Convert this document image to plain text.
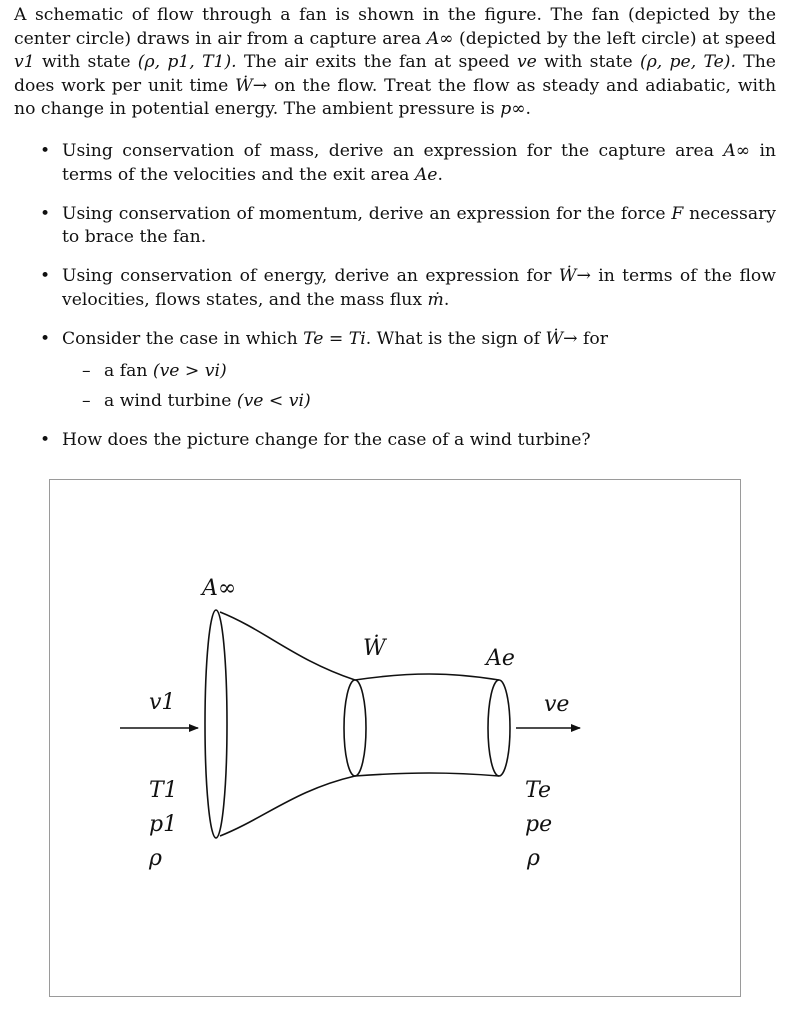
A schematic of flow through a fan is shown in the figure. The fan (depicted by the center circle) draws in air from a capture area A∞ (depicted by the left circle) at speed v1 with state (ρ, p1, T1). The air exits the fan at speed ve with state (ρ, pe, Te). The does work per unit time Ẇ→ on the flow. Treat the flow as steady and adiabatic, with no change in potential energy. The ambient pressure is p∞.
• Using conservation of mass, derive an expression for the capture area A∞ in terms of the velocities and the exit area Ae.
• Using conservation of momentum, derive an expression for the force F necessary to brace the fan.
• Using conservation of energy, derive an expression for Ẇ→ in terms of the flow velocities, flows states, and the mass flux ṁ.
• Consider the case in which Te = Ti. What is the sign of Ẇ→ for
– a fan (ve > vi)
– a wind turbine (ve < vi)
• How does the picture change for the case of a wind turbine?
A∞
Ẇ	Ae
v1	ve
T1
p1
ρ
Te
pe
ρ
